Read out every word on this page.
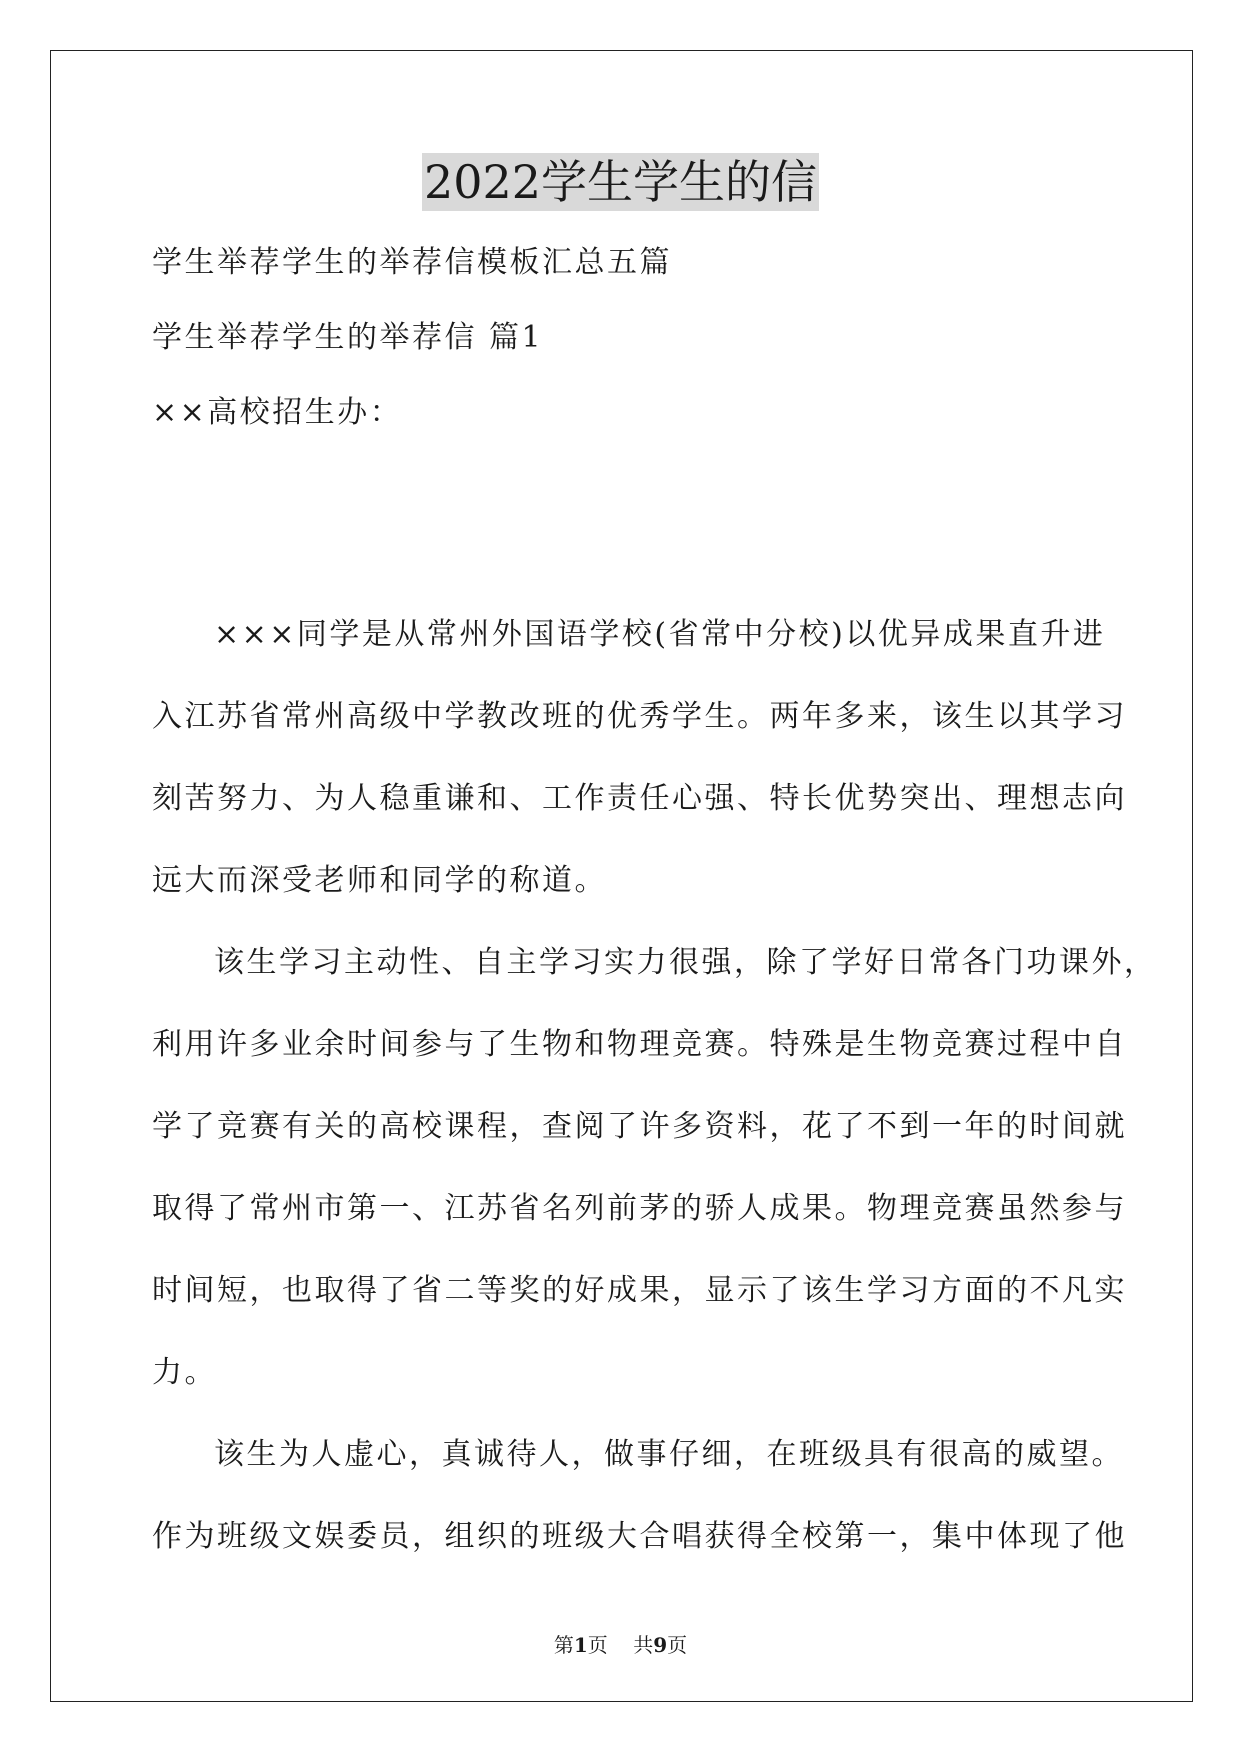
2022学生学生的信
学生举荐学生的举荐信模板汇总五篇
学生举荐学生的举荐信 篇1
××高校招生办：

×××同学是从常州外国语学校(省常中分校)以优异成果直升进
入江苏省常州高级中学教改班的优秀学生。两年多来，该生以其学习
刻苦努力、为人稳重谦和、工作责任心强、特长优势突出、理想志向
远大而深受老师和同学的称道。

该生学习主动性、自主学习实力很强，除了学好日常各门功课外，
利用许多业余时间参与了生物和物理竞赛。特殊是生物竞赛过程中自
学了竞赛有关的高校课程，查阅了许多资料，花了不到一年的时间就
取得了常州市第一、江苏省名列前茅的骄人成果。物理竞赛虽然参与
时间短，也取得了省二等奖的好成果，显示了该生学习方面的不凡实
力。

该生为人虚心，真诚待人，做事仔细，在班级具有很高的威望。
作为班级文娱委员，组织的班级大合唱获得全校第一，集中体现了他

第1页 共9页
